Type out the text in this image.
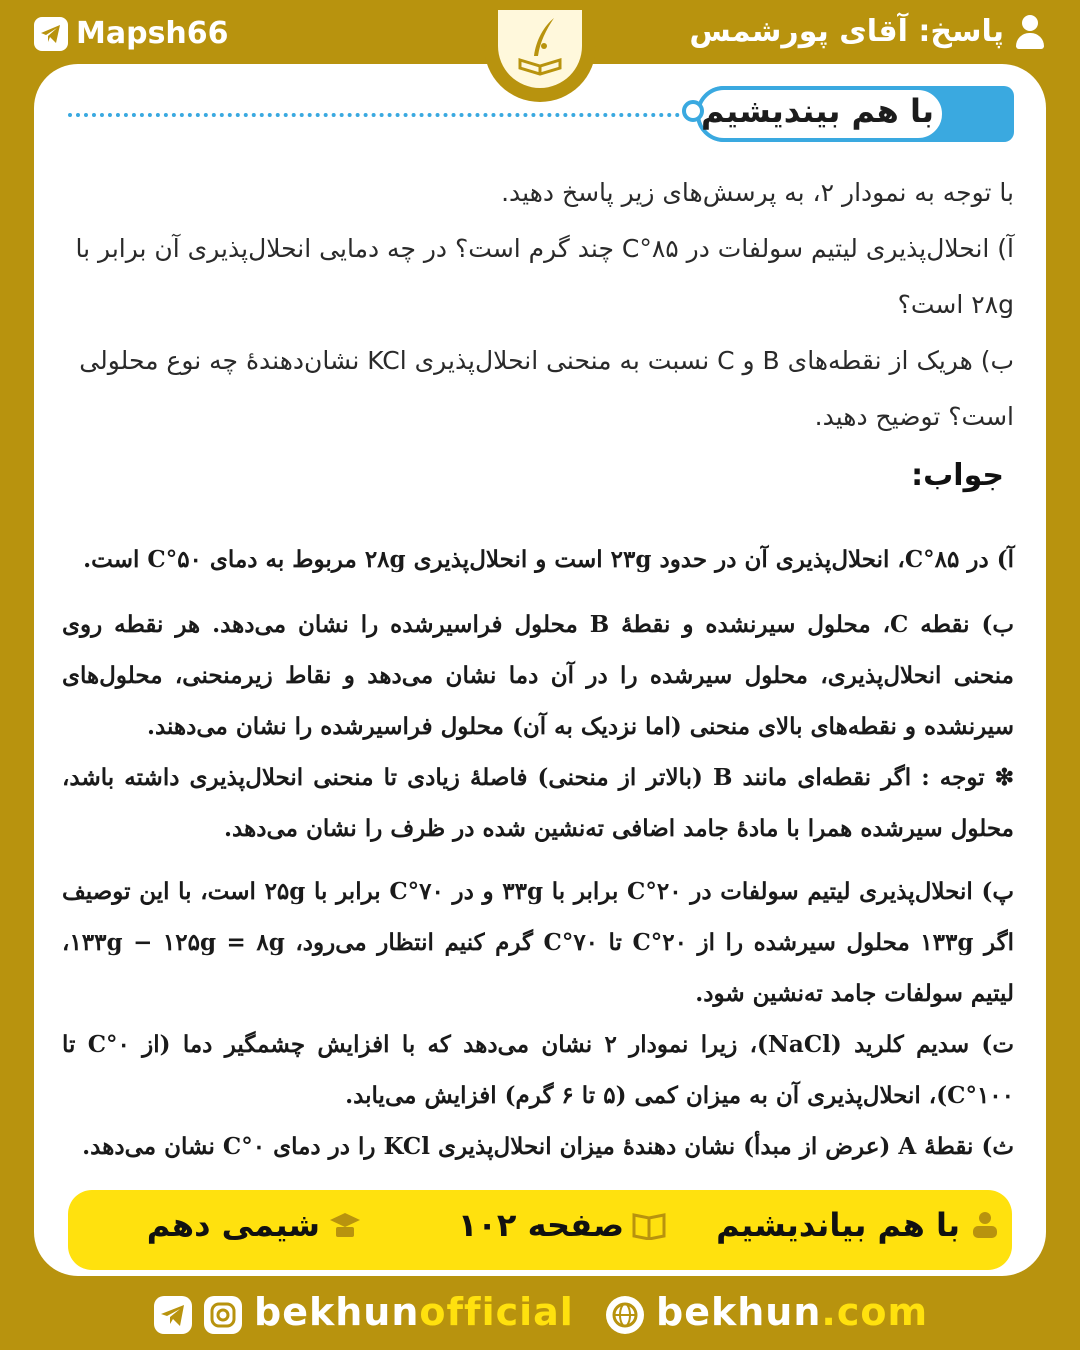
Mapsh66	پاسخ: آقای پورشمس
با هم بیندیشیم

با توجه به نمودار ۲، به پرسش‌های زیر پاسخ دهید.

آ) انحلال‌پذیری لیتیم سولفات در ۸۵°C چند گرم است؟ در چه دمایی انحلال‌پذیری آن برابر با ۲۸g است؟

ب) هریک از نقطه‌های B و C نسبت به منحنی انحلال‌پذیری KCl نشان‌دهندهٔ چه نوع محلولی است؟ توضیح دهید.

جواب:

آ) در ۸۵°C، انحلال‌پذیری آن در حدود ۲۳g است و انحلال‌پذیری ۲۸g مربوط به دمای ۵۰°C است.

ب) نقطه C، محلول سیرنشده و نقطهٔ B محلول فراسیرشده را نشان می‌دهد. هر نقطه روی منحنی انحلال‌پذیری، محلول سیرشده را در آن دما نشان می‌دهد و نقاط زیرمنحنی، محلول‌های سیرنشده و نقطه‌های بالای منحنی (اما نزدیک به آن) محلول فراسیرشده را نشان می‌دهند.

❇ توجه : اگر نقطه‌ای مانند B (بالاتر از منحنی) فاصلهٔ زیادی تا منحنی انحلال‌پذیری داشته باشد، محلول سیرشده همرا با مادهٔ جامد اضافی ته‌نشین شده در ظرف را نشان می‌دهد.

پ) انحلال‌پذیری لیتیم سولفات در ۲۰°C برابر با ۳۳g و در ۷۰°C برابر با ۲۵g است، با این توصیف اگر ۱۳۳g محلول سیرشده را از ۲۰°C تا ۷۰°C گرم کنیم انتظار می‌رود، ۱۳۳g − ۱۲۵g = ۸g، لیتیم سولفات جامد ته‌نشین شود.

ت) سدیم کلرید (NaCl)، زیرا نمودار ۲ نشان می‌دهد که با افزایش چشمگیر دما (از ۰°C تا ۱۰۰°C)، انحلال‌پذیری آن به میزان کمی (۵ تا ۶ گرم) افزایش می‌یابد.

ث) نقطهٔ A (عرض از مبدأ) نشان دهندهٔ میزان انحلال‌پذیری KCl را در دمای ۰°C نشان می‌دهد.

با هم بیاندیشیم
صفحه ۱۰۲
شیمی دهم
bekhunofficial bekhun.com
